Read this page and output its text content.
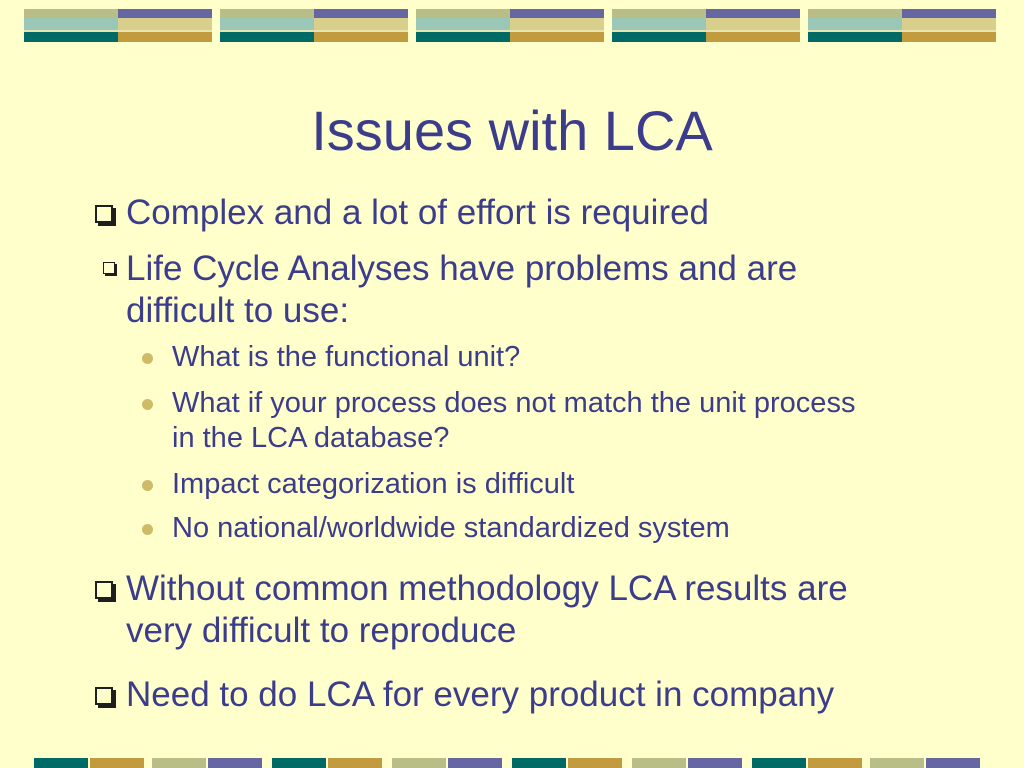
Issues with LCA
Complex and a lot of effort is required
Life Cycle Analyses have problems and are difficult to use:
What is the functional unit?
What if your process does not match the unit process in the LCA database?
Impact categorization is difficult
No national/worldwide standardized system
Without common methodology LCA results are very difficult to reproduce
Need to do LCA for every product in company
